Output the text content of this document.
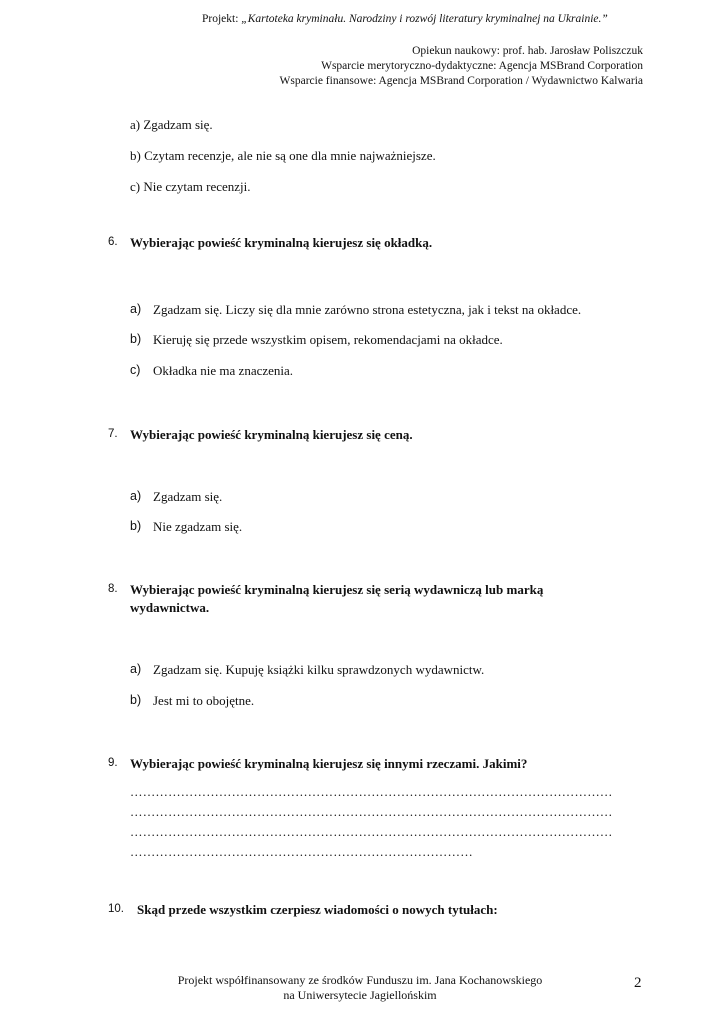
Projekt: „Kartoteka kryminału. Narodziny i rozwój literatury kryminalnej na Ukrainie.”
Opiekun naukowy: prof. hab. Jarosław Poliszczuk
Wsparcie merytoryczno-dydaktyczne: Agencja MSBrand Corporation
Wsparcie finansowe: Agencja MSBrand Corporation / Wydawnictwo Kalwaria
a) Zgadzam się.
b) Czytam recenzje, ale nie są one dla mnie najważniejsze.
c) Nie czytam recenzji.
6. Wybierając powieść kryminalną kierujesz się okładką.
a) Zgadzam się. Liczy się dla mnie zarówno strona estetyczna, jak i tekst na okładce.
b) Kieruję się przede wszystkim opisem, rekomendacjami na okładce.
c) Okładka nie ma znaczenia.
7. Wybierając powieść kryminalną kierujesz się ceną.
a) Zgadzam się.
b) Nie zgadzam się.
8. Wybierając powieść kryminalną kierujesz się serią wydawniczą lub marką
wydawnictwa.
a) Zgadzam się. Kupuję książki kilku sprawdzonych wydawnictw.
b) Jest mi to obojętne.
9. Wybierając powieść kryminalną kierujesz się innymi rzeczami. Jakimi?
……………………………………………………………………………………………………
……………………………………………………………………………………………………
……………………………………………………………………………………………………
………………………………………………………………………
10. Skąd przede wszystkim czerpiesz wiadomości o nowych tytułach:
Projekt współfinansowany ze środków Funduszu im. Jana Kochanowskiego
na Uniwersytecie Jagiellońskim
2
